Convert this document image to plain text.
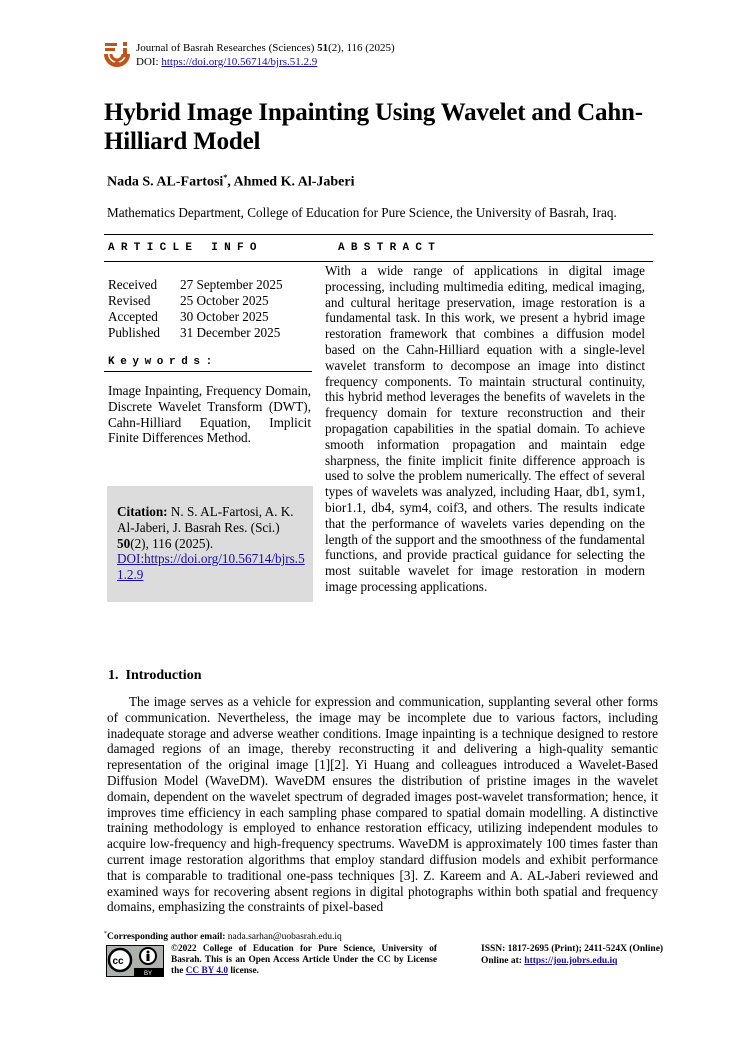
Journal of Basrah Researches (Sciences) 51(2), 116 (2025)
DOI: https://doi.org/10.56714/bjrs.51.2.9
Hybrid Image Inpainting Using Wavelet and Cahn-Hilliard Model
Nada S. AL-Fartosi*, Ahmed K. Al-Jaberi
Mathematics Department, College of Education for Pure Science, the University of Basrah, Iraq.
ARTICLE INFO	ABSTRACT
Received	27 September 2025
Revised	25 October 2025
Accepted	30 October 2025
Published	31 December 2025
Keywords:
Image Inpainting, Frequency Domain, Discrete Wavelet Transform (DWT), Cahn-Hilliard Equation, Implicit Finite Differences Method.
Citation: N. S. AL-Fartosi, A. K. Al-Jaberi, J. Basrah Res. (Sci.) 50(2), 116 (2025).
DOI:https://doi.org/10.56714/bjrs.51.2.9
With a wide range of applications in digital image processing, including multimedia editing, medical imaging, and cultural heritage preservation, image restoration is a fundamental task. In this work, we present a hybrid image restoration framework that combines a diffusion model based on the Cahn-Hilliard equation with a single-level wavelet transform to decompose an image into distinct frequency components. To maintain structural continuity, this hybrid method leverages the benefits of wavelets in the frequency domain for texture reconstruction and their propagation capabilities in the spatial domain. To achieve smooth information propagation and maintain edge sharpness, the finite implicit finite difference approach is used to solve the problem numerically. The effect of several types of wavelets was analyzed, including Haar, db1, sym1, bior1.1, db4, sym4, coif3, and others. The results indicate that the performance of wavelets varies depending on the length of the support and the smoothness of the fundamental functions, and provide practical guidance for selecting the most suitable wavelet for image restoration in modern image processing applications.
1.  Introduction
The image serves as a vehicle for expression and communication, supplanting several other forms of communication. Nevertheless, the image may be incomplete due to various factors, including inadequate storage and adverse weather conditions. Image inpainting is a technique designed to restore damaged regions of an image, thereby reconstructing it and delivering a high-quality semantic representation of the original image [1][2]. Yi Huang and colleagues introduced a Wavelet-Based Diffusion Model (WaveDM). WaveDM ensures the distribution of pristine images in the wavelet domain, dependent on the wavelet spectrum of degraded images post-wavelet transformation; hence, it improves time efficiency in each sampling phase compared to spatial domain modelling. A distinctive training methodology is employed to enhance restoration efficacy, utilizing independent modules to acquire low-frequency and high-frequency spectrums. WaveDM is approximately 100 times faster than current image restoration algorithms that employ standard diffusion models and exhibit performance that is comparable to traditional one-pass techniques [3]. Z. Kareem and A. AL-Jaberi reviewed and examined ways for recovering absent regions in digital photographs within both spatial and frequency domains, emphasizing the constraints of pixel-based
*Corresponding author email: nada.sarhan@uobasrah.edu.iq
BY
cc
©2022 College of Education for Pure Science, University of Basrah. This is an Open Access Article Under the CC by License the CC BY 4.0 license.
ISSN: 1817-2695 (Print); 2411-524X (Online)
Online at: https://jou.jobrs.edu.iq
